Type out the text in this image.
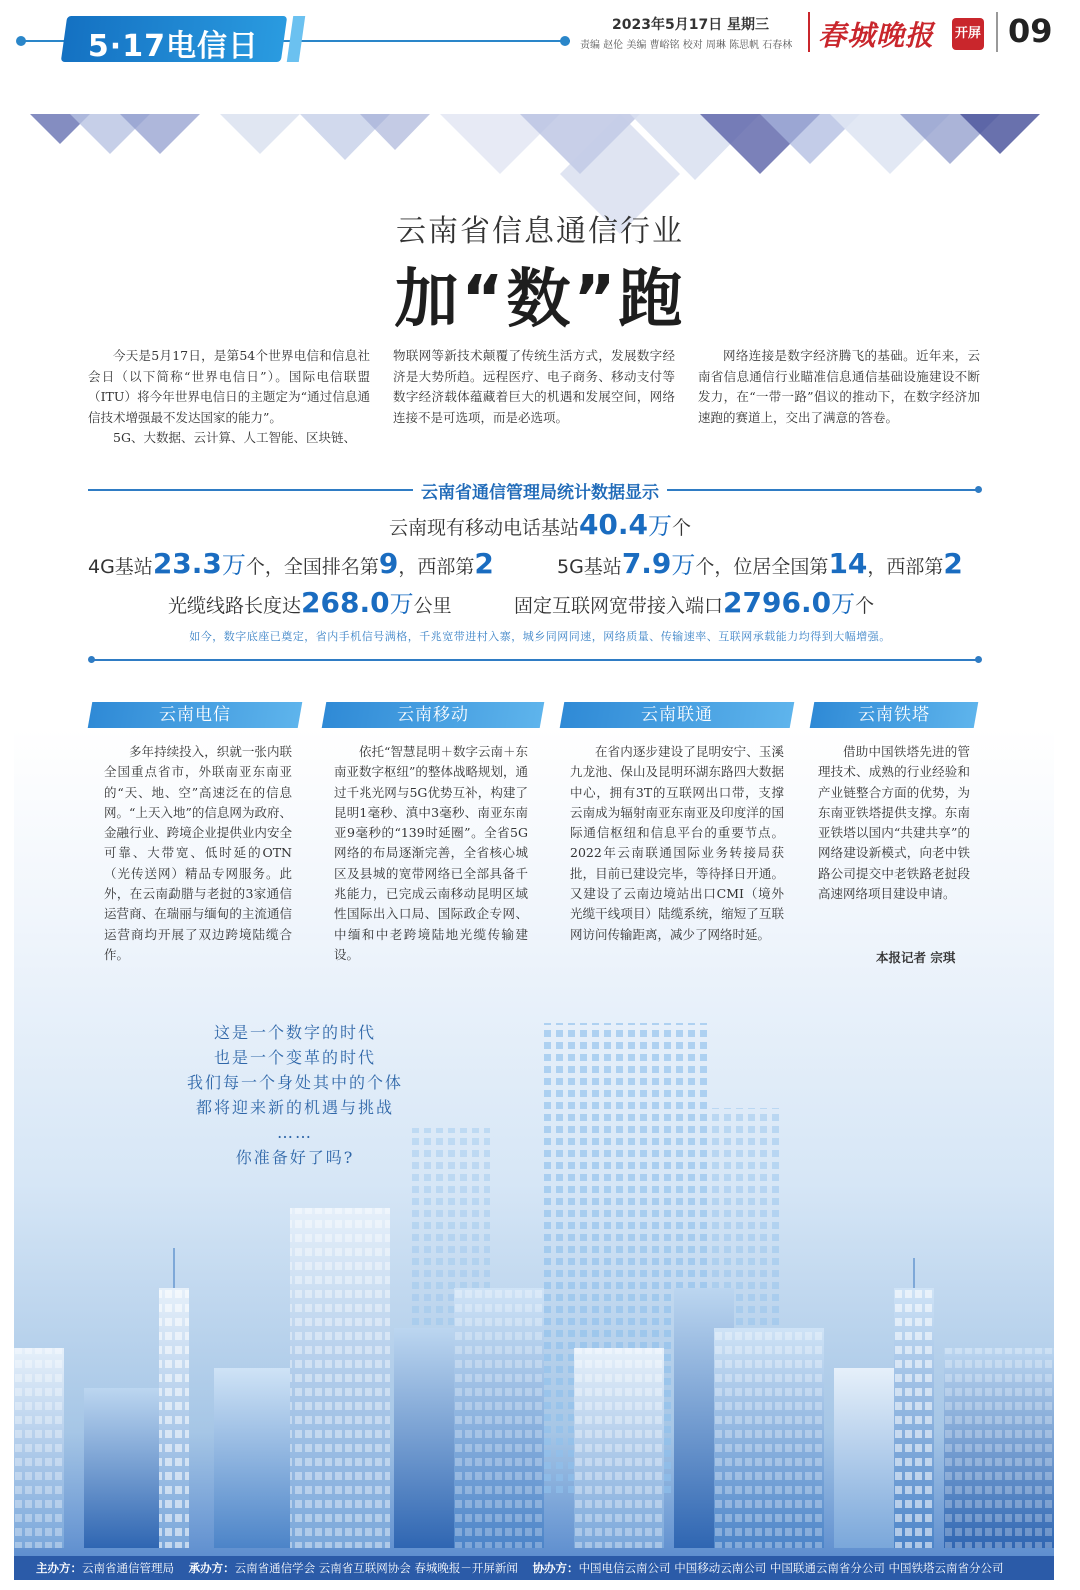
5·17电信日
2023年5月17日 星期三
责编 赵伦 美编 曹峪铭 校对 周琳 陈思帆 石春林 春城晚报 开屏 09
云南省信息通信行业
加“数”跑

今天是5月17日，是第54个世界电信和信息社会日（以下简称“世界电信日”）。国际电信联盟（ITU）将今年世界电信日的主题定为“通过信息通信技术增强最不发达国家的能力”。

5G、大数据、云计算、人工智能、区块链、

物联网等新技术颠覆了传统生活方式，发展数字经济是大势所趋。远程医疗、电子商务、移动支付等数字经济载体蕴藏着巨大的机遇和发展空间，网络连接不是可选项，而是必选项。

网络连接是数字经济腾飞的基础。近年来，云南省信息通信行业瞄准信息通信基础设施建设不断发力，在“一带一路”倡议的推动下，在数字经济加速跑的赛道上，交出了满意的答卷。

云南省通信管理局统计数据显示
云南现有移动电话基站40.4万个
4G基站23.3万个，全国排名第9，西部第2	5G基站7.9万个，位居全国第14，西部第2
光缆线路长度达268.0万公里	固定互联网宽带接入端口2796.0万个
如今，数字底座已奠定，省内手机信号满格，千兆宽带进村入寨，城乡同网同速，网络质量、传输速率、互联网承载能力均得到大幅增强。
云南电信	云南移动	云南联通	云南铁塔

多年持续投入，织就一张内联全国重点省市，外联南亚东南亚的“天、地、空”高速泛在的信息网。“上天入地”的信息网为政府、金融行业、跨境企业提供业内安全可靠、大带宽、低时延的OTN（光传送网）精品专网服务。此外，在云南勐腊与老挝的3家通信运营商、在瑞丽与缅甸的主流通信运营商均开展了双边跨境陆缆合作。

依托“智慧昆明＋数字云南＋东南亚数字枢纽”的整体战略规划，通过千兆光网与5G优势互补，构建了昆明1毫秒、滇中3毫秒、南亚东南亚9毫秒的“139时延圈”。全省5G网络的布局逐渐完善，全省核心城区及县城的宽带网络已全部具备千兆能力，已完成云南移动昆明区域性国际出入口局、国际政企专网、中缅和中老跨境陆地光缆传输建设。

在省内逐步建设了昆明安宁、玉溪九龙池、保山及昆明环湖东路四大数据中心，拥有3T的互联网出口带，支撑云南成为辐射南亚东南亚及印度洋的国际通信枢纽和信息平台的重要节点。2022年云南联通国际业务转接局获批，目前已建设完毕，等待择日开通。又建设了云南边境站出口CMI（境外光缆干线项目）陆缆系统，缩短了互联网访问传输距离，减少了网络时延。

借助中国铁塔先进的管理技术、成熟的行业经验和产业链整合方面的优势，为东南亚铁塔提供支撑。东南亚铁塔以国内“共建共享”的网络建设新模式，向老中铁路公司提交中老铁路老挝段高速网络项目建设申请。

本报记者 宗琪
这是一个数字的时代
也是一个变革的时代
我们每一个身处其中的个体
都将迎来新的机遇与挑战
……
你准备好了吗?
主办方：云南省通信管理局 承办方：云南省通信学会 云南省互联网协会 春城晚报－开屏新闻 协办方：中国电信云南公司 中国移动云南公司 中国联通云南省分公司 中国铁塔云南省分公司
